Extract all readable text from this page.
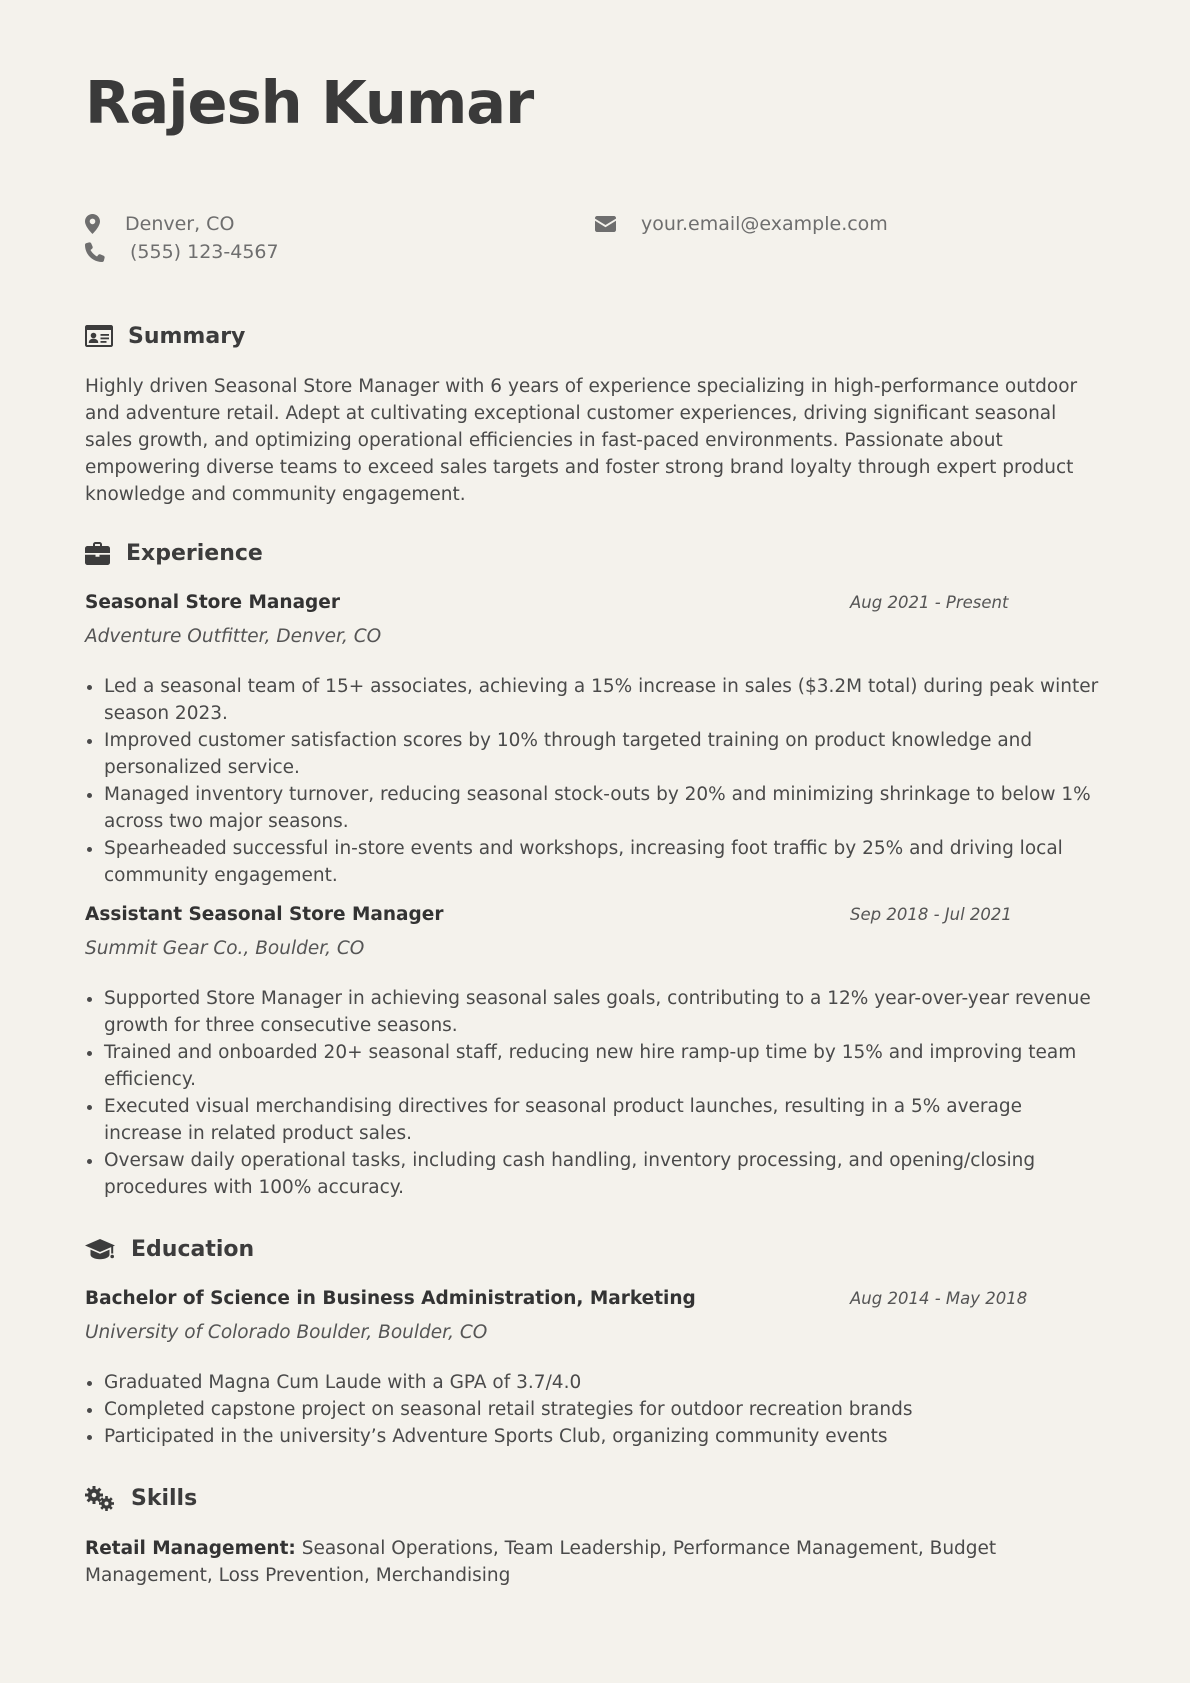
Rajesh Kumar
Denver, CO	your.email@example.com
(555) 123-4567
Summary

Highly driven Seasonal Store Manager with 6 years of experience specializing in high-performance outdoor and adventure retail. Adept at cultivating exceptional customer experiences, driving significant seasonal sales growth, and optimizing operational efficiencies in fast-paced environments. Passionate about empowering diverse teams to exceed sales targets and foster strong brand loyalty through expert product knowledge and community engagement.

Experience
Seasonal Store Manager	Aug 2021 - Present
Adventure Outfitter, Denver, CO
Led a seasonal team of 15+ associates, achieving a 15% increase in sales ($3.2M total) during peak winter season 2023.
Improved customer satisfaction scores by 10% through targeted training on product knowledge and personalized service.
Managed inventory turnover, reducing seasonal stock-outs by 20% and minimizing shrinkage to below 1% across two major seasons.
Spearheaded successful in-store events and workshops, increasing foot traffic by 25% and driving local community engagement.
Assistant Seasonal Store Manager	Sep 2018 - Jul 2021
Summit Gear Co., Boulder, CO
Supported Store Manager in achieving seasonal sales goals, contributing to a 12% year-over-year revenue growth for three consecutive seasons.
Trained and onboarded 20+ seasonal staff, reducing new hire ramp-up time by 15% and improving team efficiency.
Executed visual merchandising directives for seasonal product launches, resulting in a 5% average increase in related product sales.
Oversaw daily operational tasks, including cash handling, inventory processing, and opening/closing procedures with 100% accuracy.
Education
Bachelor of Science in Business Administration, Marketing	Aug 2014 - May 2018
University of Colorado Boulder, Boulder, CO
Graduated Magna Cum Laude with a GPA of 3.7/4.0
Completed capstone project on seasonal retail strategies for outdoor recreation brands
Participated in the university’s Adventure Sports Club, organizing community events
Skills

Retail Management: Seasonal Operations, Team Leadership, Performance Management, Budget Management, Loss Prevention, Merchandising
